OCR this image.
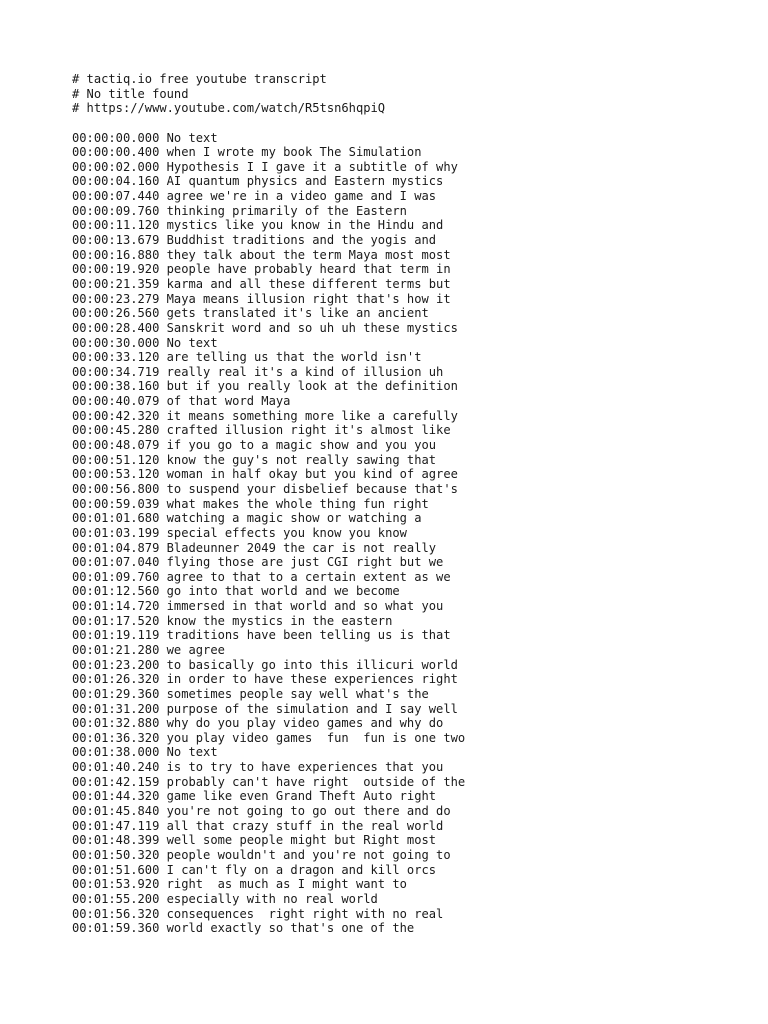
# tactiq.io free youtube transcript
# No title found
# https://www.youtube.com/watch/R5tsn6hqpiQ
00:00:00.000 No text
00:00:00.400 when I wrote my book The Simulation
00:00:02.000 Hypothesis I I gave it a subtitle of why
00:00:04.160 AI quantum physics and Eastern mystics
00:00:07.440 agree we're in a video game and I was
00:00:09.760 thinking primarily of the Eastern
00:00:11.120 mystics like you know in the Hindu and
00:00:13.679 Buddhist traditions and the yogis and
00:00:16.880 they talk about the term Maya most most
00:00:19.920 people have probably heard that term in
00:00:21.359 karma and all these different terms but
00:00:23.279 Maya means illusion right that's how it
00:00:26.560 gets translated it's like an ancient
00:00:28.400 Sanskrit word and so uh uh these mystics
00:00:30.000 No text
00:00:33.120 are telling us that the world isn't
00:00:34.719 really real it's a kind of illusion uh
00:00:38.160 but if you really look at the definition
00:00:40.079 of that word Maya
00:00:42.320 it means something more like a carefully
00:00:45.280 crafted illusion right it's almost like
00:00:48.079 if you go to a magic show and you you
00:00:51.120 know the guy's not really sawing that
00:00:53.120 woman in half okay but you kind of agree
00:00:56.800 to suspend your disbelief because that's
00:00:59.039 what makes the whole thing fun right
00:01:01.680 watching a magic show or watching a
00:01:03.199 special effects you know you know
00:01:04.879 Bladeunner 2049 the car is not really
00:01:07.040 flying those are just CGI right but we
00:01:09.760 agree to that to a certain extent as we
00:01:12.560 go into that world and we become
00:01:14.720 immersed in that world and so what you
00:01:17.520 know the mystics in the eastern
00:01:19.119 traditions have been telling us is that
00:01:21.280 we agree
00:01:23.200 to basically go into this illicuri world
00:01:26.320 in order to have these experiences right
00:01:29.360 sometimes people say well what's the
00:01:31.200 purpose of the simulation and I say well
00:01:32.880 why do you play video games and why do
00:01:36.320 you play video games  fun  fun is one two
00:01:38.000 No text
00:01:40.240 is to try to have experiences that you
00:01:42.159 probably can't have right  outside of the
00:01:44.320 game like even Grand Theft Auto right
00:01:45.840 you're not going to go out there and do
00:01:47.119 all that crazy stuff in the real world
00:01:48.399 well some people might but Right most
00:01:50.320 people wouldn't and you're not going to
00:01:51.600 I can't fly on a dragon and kill orcs
00:01:53.920 right  as much as I might want to
00:01:55.200 especially with no real world
00:01:56.320 consequences  right right with no real
00:01:59.360 world exactly so that's one of the
